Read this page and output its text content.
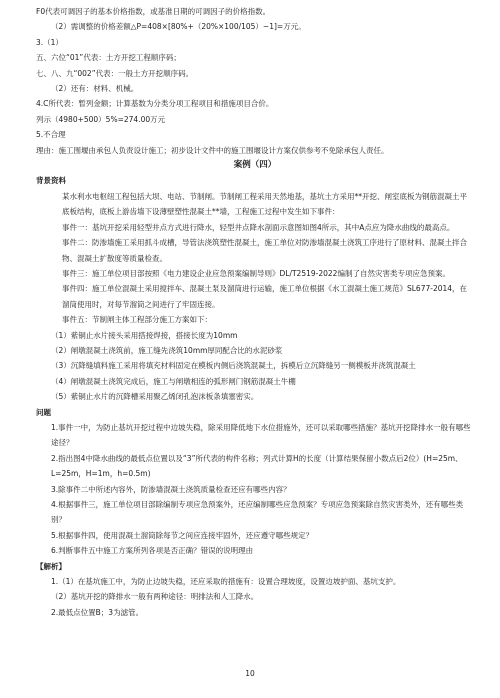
F0代表可调因子的基本价格指数，或基准日期的可调因子的价格指数。

（2）需调整的价格差额△P=408×[80%+（20%×100/105）−1]=万元。

3.（1）

五、六位“01”代表：土方开挖工程顺序码；

七、八、九“002”代表：一般土方开挖顺序码。

（2）还有：材料、机械。

4.C所代表：暂列金额；计算基数为分类分项工程项目和措施项目合价。

列示（4980+500）5%=274.00万元

5.不合理

理由：施工围堰由承包人负责设计施工；初步设计文件中的施工围堰设计方案仅供参考不免除承包人责任。

案例（四）

背景资料

某水利水电枢纽工程包括大坝、电站、节制闸。节制闸工程采用天然地基，基坑土方采用**开挖、闸室底板为钢筋混凝土平底板结构，底板上游齿墙下设薄壁塑性混凝土**墙，工程施工过程中发生如下事件：

事件一：基坑开挖采用轻型井点方式进行降水，轻型井点降水剖面示意图如图4所示，其中A点应为降水曲线的最高点。

事件二：防渗墙施工采用抓斗成槽，导管法浇筑塑性混凝土，施工单位对防渗墙混凝土浇筑工序进行了原材料、混凝土拌合物、混凝土扩散度等质量检查。

事件三：施工单位项目部按照《电力建设企业应急预案编制导则》DL/T2519-2022编制了自然灾害类专项应急预案。

事件四：施工单位混凝土采用搅拌车、混凝土泵及溜筒进行运输，施工单位根据《水工混凝土施工规范》SL677-2014，在溜筒使用时，对每节溜筒之间进行了牢固连接。

事件五：节制闸主体工程部分施工方案如下：

（1）紫铜止水片接头采用搭接焊接，搭接长度为10mm

（2）闸墩混凝土浇筑前，施工缝先浇筑10mm厚同配合比的水泥砂浆

（3）沉降缝填料施工采用将填充材料固定在模板内侧后浇筑混凝土，拆模后立沉降缝另一侧模板并浇筑混凝土

（4）闸墩混凝土浇筑完成后，施工与闸墩相连的弧形闸门钢筋混凝土牛棚

（5）紫铜止水片的沉降槽采用聚乙烯闭孔泡沫板条填塞密实。

问题

1.事件一中，为防止基坑开挖过程中边坡失稳，除采用降低地下水位措施外，还可以采取哪些措施？基坑开挖降排水一般有哪些途径？

2.指出图4中降水曲线的最低点位置以及“3”所代表的构件名称；列式计算H的长度（计算结果保留小数点后2位）(H=25m、L=25m，H=1m，h=0.5m)

3.除事件二中所述内容外，防渗墙混凝土浇筑质量检查还应有哪些内容？

4.根据事件三，施工单位项目部除编制专项应急预案外，还应编制哪些应急预案？专项应急预案除自然灾害类外，还有哪些类别？

5.根据事件四，使用混凝土溜筒除每节之间应连接牢固外，还应遵守哪些规定？

6.判断事件五中施工方案所列各项是否正确？错误的说明理由

【解析】

1.（1）在基坑施工中，为防止边坡失稳，还应采取的措施有：设置合理坡度，设置边坡护面、基坑支护。

（2）基坑开挖的降排水一般有两种途径：明排法和人工降水。

2.最低点位置B；3为滤管。

10
